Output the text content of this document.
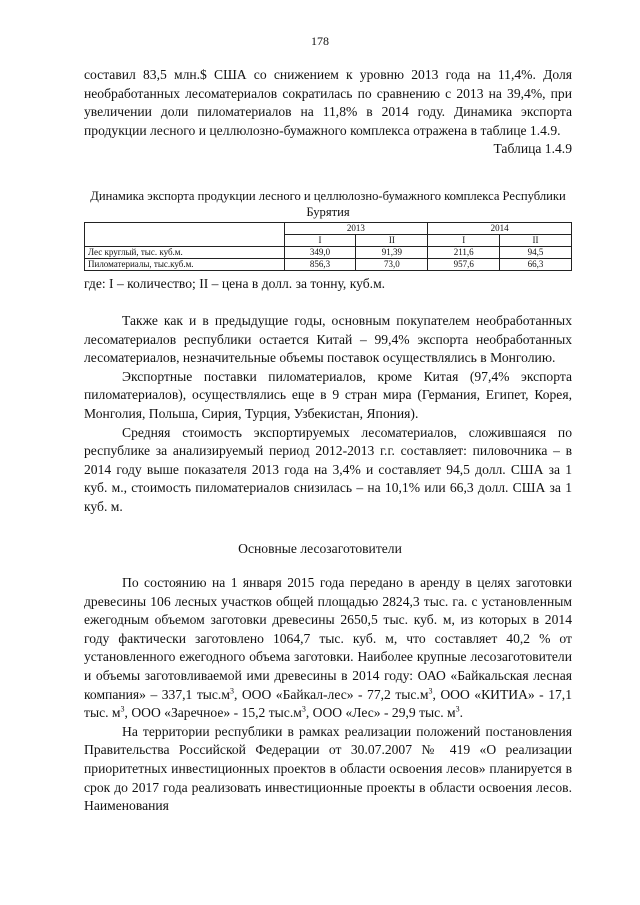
178

составил 83,5 млн.$ США со снижением к уровню 2013 года на 11,4%. Доля необработанных лесоматериалов сократилась по сравнению с 2013 на 39,4%, при увеличении доли пиломатериалов на 11,8% в 2014 году. Динамика экспорта продукции лесного и целлюлозно-бумажного комплекса отражена в таблице 1.4.9.

Таблица 1.4.9

Динамика экспорта продукции лесного и целлюлозно-бумажного комплекса Республики Бурятия
	2013		2014	
	I	II	I	II
Лес круглый, тыс. куб.м.	349,0	91,39	211,6	94,5
Пиломатериалы, тыс.куб.м.	856,3	73,0	957,6	66,3
где: I – количество; II – цена в долл. за тонну, куб.м.

Также как и в предыдущие годы, основным покупателем необработанных лесоматериалов республики остается Китай – 99,4% экспорта необработанных лесоматериалов, незначительные объемы поставок осуществлялись в Монголию.

Экспортные поставки пиломатериалов, кроме Китая (97,4% экспорта пиломатериалов), осуществлялись еще в 9 стран мира (Германия, Египет, Корея, Монголия, Польша, Сирия, Турция, Узбекистан, Япония).

Средняя стоимость экспортируемых лесоматериалов, сложившаяся по республике за анализируемый период 2012-2013 г.г. составляет: пиловочника – в 2014 году выше показателя 2013 года на 3,4% и составляет 94,5 долл. США за 1 куб. м., стоимость пиломатериалов снизилась – на 10,1% или 66,3 долл. США за 1 куб. м.

Основные лесозаготовители

По состоянию на 1 января 2015 года передано в аренду в целях заготовки древесины 106 лесных участков общей площадью 2824,3 тыс. га. с установленным ежегодным объемом заготовки древесины 2650,5 тыс. куб. м, из которых в 2014 году фактически заготовлено 1064,7 тыс. куб. м, что составляет 40,2 % от установленного ежегодного объема заготовки. Наиболее крупные лесозаготовители и объемы заготовливаемой ими древесины в 2014 году: ОАО «Байкальская лесная компания» – 337,1 $тыс.м^3$, ООО «Байкал-лес» - 77,2 $тыс.м^3$, ООО «КИТИА» - 17,1 тыс. $м^3$, ООО «Заречное» - 15,2 $тыс.м^3$, ООО «Лес» - 29,9 тыс. $м^3$.

На территории республики в рамках реализации положений постановления Правительства Российской Федерации от 30.07.2007 № 419 «О реализации приоритетных инвестиционных проектов в области освоения лесов» планируется в срок до 2017 года реализовать инвестиционные проекты в области освоения лесов. Наименования
